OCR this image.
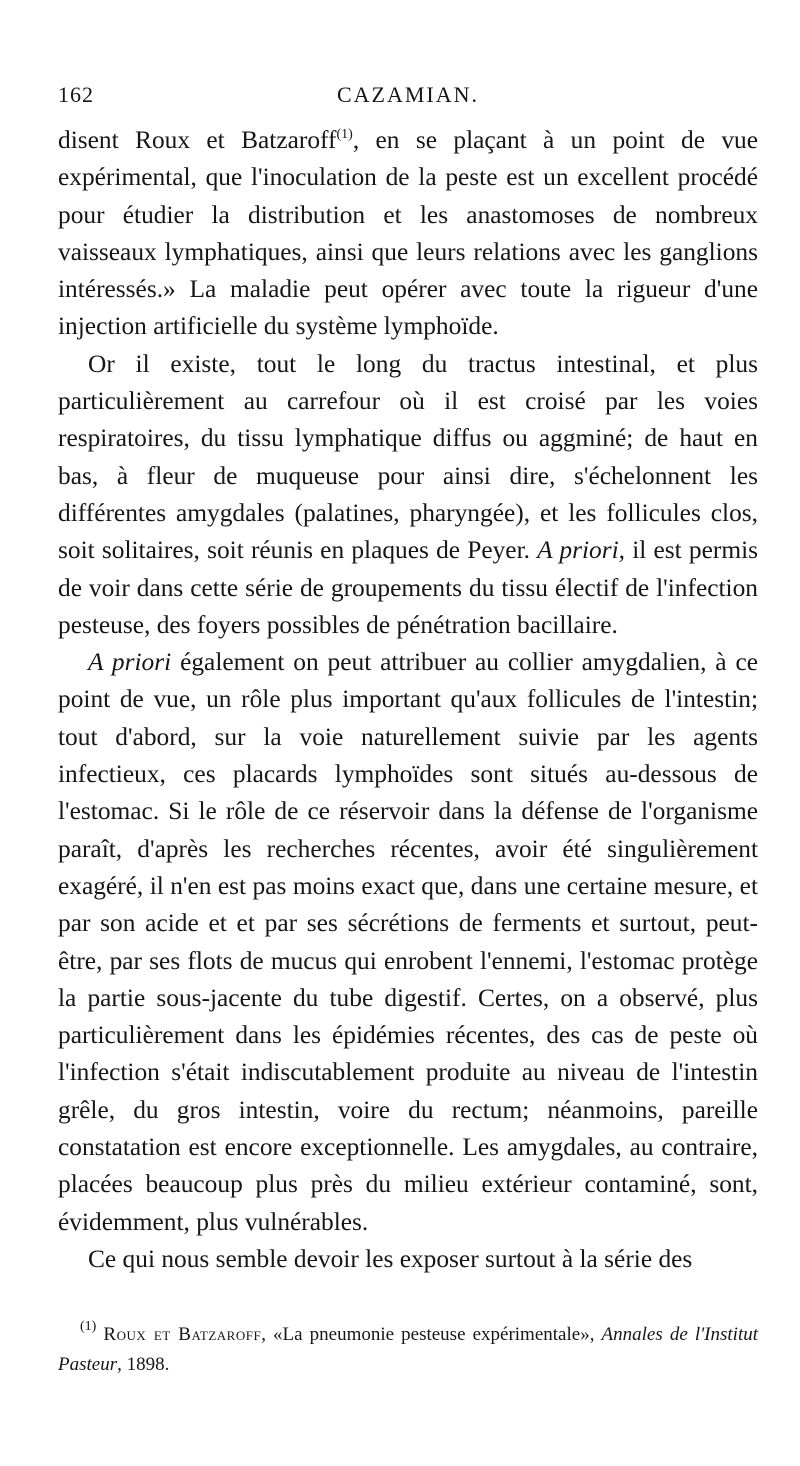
162	CAZAMIAN.

disent Roux et Batzaroff$^{(1)}$, en se plaçant à un point de vue expérimental, que l'inoculation de la peste est un excellent procédé pour étudier la distribution et les anastomoses de nombreux vaisseaux lymphatiques, ainsi que leurs relations avec les ganglions intéressés.» La maladie peut opérer avec toute la rigueur d'une injection artificielle du système lymphoïde.

Or il existe, tout le long du tractus intestinal, et plus particulièrement au carrefour où il est croisé par les voies respiratoires, du tissu lymphatique diffus ou aggminé; de haut en bas, à fleur de muqueuse pour ainsi dire, s'échelonnent les différentes amygdales (palatines, pharyngée), et les follicules clos, soit solitaires, soit réunis en plaques de Peyer. A priori, il est permis de voir dans cette série de groupements du tissu électif de l'infection pesteuse, des foyers possibles de pénétration bacillaire.

A priori également on peut attribuer au collier amygdalien, à ce point de vue, un rôle plus important qu'aux follicules de l'intestin; tout d'abord, sur la voie naturellement suivie par les agents infectieux, ces placards lymphoïdes sont situés au-dessous de l'estomac. Si le rôle de ce réservoir dans la défense de l'organisme paraît, d'après les recherches récentes, avoir été singulièrement exagéré, il n'en est pas moins exact que, dans une certaine mesure, et par son acide et et par ses sécrétions de ferments et surtout, peut-être, par ses flots de mucus qui enrobent l'ennemi, l'estomac protège la partie sous-jacente du tube digestif. Certes, on a observé, plus particulièrement dans les épidémies récentes, des cas de peste où l'infection s'était indiscutablement produite au niveau de l'intestin grêle, du gros intestin, voire du rectum; néanmoins, pareille constatation est encore exceptionnelle. Les amygdales, au contraire, placées beaucoup plus près du milieu extérieur contaminé, sont, évidemment, plus vulnérables.

Ce qui nous semble devoir les exposer surtout à la série des

$^{(1)}$ Roux et Batzaroff, «La pneumonie pesteuse expérimentale», Annales de l'Institut Pasteur, 1898.
